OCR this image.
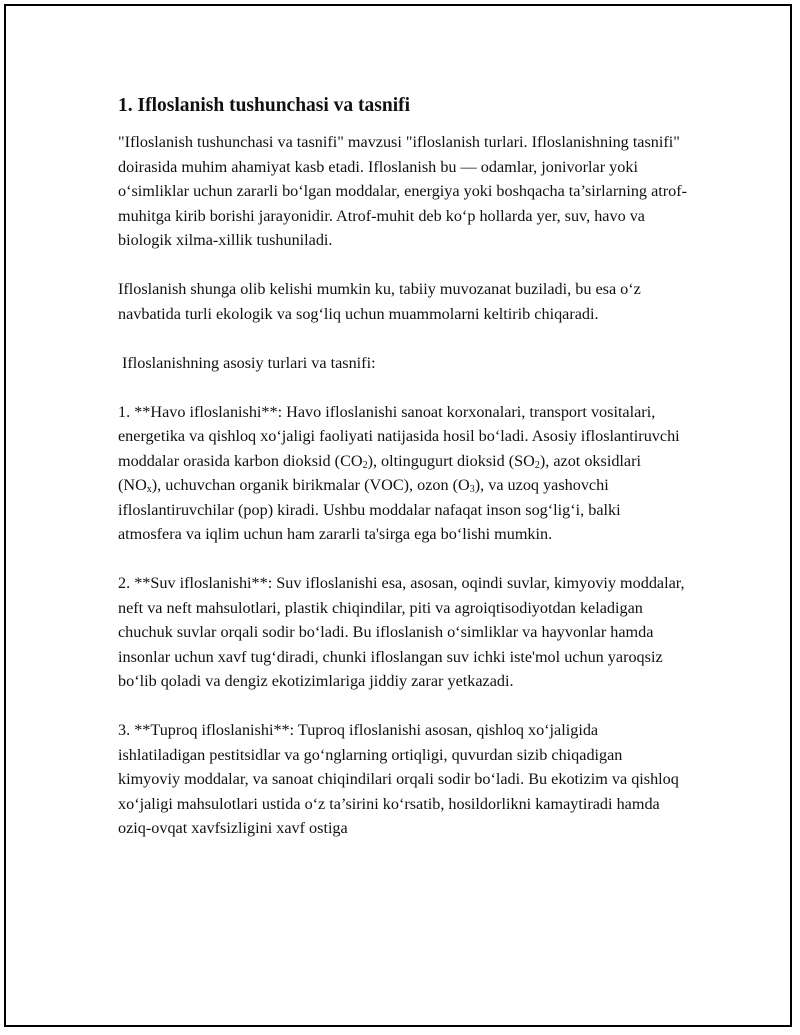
1. Ifloslanish tushunchasi va tasnifi

"Ifloslanish tushunchasi va tasnifi" mavzusi "ifloslanish turlari. Ifloslanishning tasnifi" doirasida muhim ahamiyat kasb etadi. Ifloslanish bu — odamlar, jonivorlar yoki o‘simliklar uchun zararli bo‘lgan moddalar, energiya yoki boshqacha ta’sirlarning atrof-muhitga kirib borishi jarayonidir. Atrof-muhit deb ko‘p hollarda yer, suv, havo va biologik xilma-xillik tushuniladi.

Ifloslanish shunga olib kelishi mumkin ku, tabiiy muvozanat buziladi, bu esa o‘z navbatida turli ekologik va sog‘liq uchun muammolarni keltirib chiqaradi.

Ifloslanishning asosiy turlari va tasnifi:

1. **Havo ifloslanishi**: Havo ifloslanishi sanoat korxonalari, transport vositalari, energetika va qishloq xo‘jaligi faoliyati natijasida hosil bo‘ladi. Asosiy ifloslantiruvchi moddalar orasida karbon dioksid $(CO_2)$, oltingugurt dioksid $(SO_2)$, azot oksidlari $(NO_x)$, uchuvchan organik birikmalar (VOC), ozon $(O_3)$, va uzoq yashovchi ifloslantiruvchilar (pop) kiradi. Ushbu moddalar nafaqat inson sog‘lig‘i, balki atmosfera va iqlim uchun ham zararli ta'sirga ega bo‘lishi mumkin.

2. **Suv ifloslanishi**: Suv ifloslanishi esa, asosan, oqindi suvlar, kimyoviy moddalar, neft va neft mahsulotlari, plastik chiqindilar, piti va agroiqtisodiyotdan keladigan chuchuk suvlar orqali sodir bo‘ladi. Bu ifloslanish o‘simliklar va hayvonlar hamda insonlar uchun xavf tug‘diradi, chunki ifloslangan suv ichki iste'mol uchun yaroqsiz bo‘lib qoladi va dengiz ekotizimlariga jiddiy zarar yetkazadi.

3. **Tuproq ifloslanishi**: Tuproq ifloslanishi asosan, qishloq xo‘jaligida ishlatiladigan pestitsidlar va go‘nglarning ortiqligi, quvurdan sizib chiqadigan kimyoviy moddalar, va sanoat chiqindilari orqali sodir bo‘ladi. Bu ekotizim va qishloq xo‘jaligi mahsulotlari ustida o‘z ta’sirini ko‘rsatib, hosildorlikni kamaytiradi hamda oziq-ovqat xavfsizligini xavf ostiga
